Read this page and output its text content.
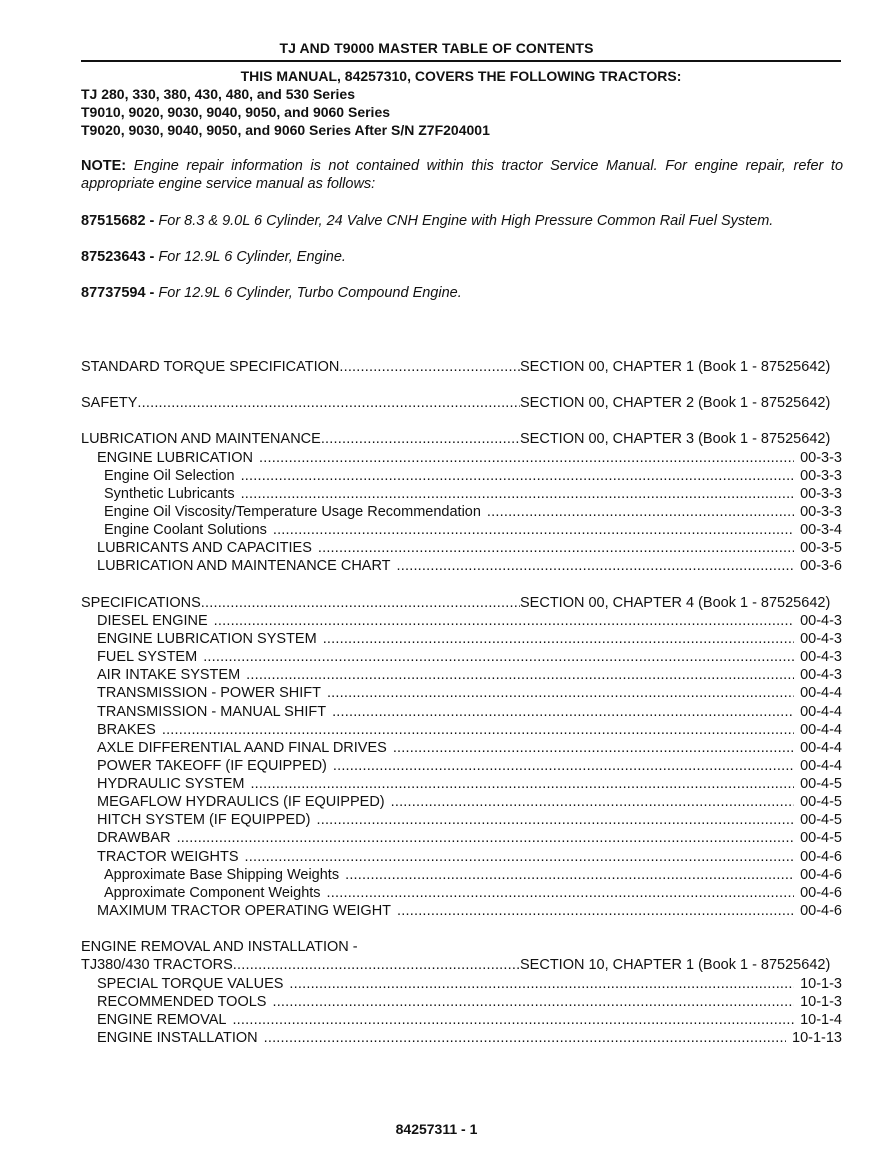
TJ AND T9000 MASTER TABLE OF CONTENTS
THIS MANUAL, 84257310, COVERS THE FOLLOWING TRACTORS:
TJ 280, 330, 380, 430, 480, and 530 Series
T9010, 9020, 9030, 9040, 9050, and 9060 Series
T9020, 9030, 9040, 9050, and 9060 Series After S/N Z7F204001
NOTE: Engine repair information is not contained within this tractor Service Manual. For engine repair, refer to appropriate engine service manual as follows:
87515682 - For 8.3 & 9.0L 6 Cylinder, 24 Valve CNH Engine with High Pressure Common Rail Fuel System.
87523643 - For 12.9L 6 Cylinder, Engine.
87737594 - For 12.9L 6 Cylinder, Turbo Compound Engine.
STANDARD TORQUE SPECIFICATION .....	SECTION 00, CHAPTER 1 (Book 1 - 87525642)
SAFETY .....	SECTION 00, CHAPTER 2 (Book 1 - 87525642)
LUBRICATION AND MAINTENANCE .....	SECTION 00, CHAPTER 3 (Book 1 - 87525642)
ENGINE LUBRICATION .....	00-3-3
Engine Oil Selection .....	00-3-3
Synthetic Lubricants .....	00-3-3
Engine Oil Viscosity/Temperature Usage Recommendation .....	00-3-3
Engine Coolant Solutions .....	00-3-4
LUBRICANTS AND CAPACITIES .....	00-3-5
LUBRICATION AND MAINTENANCE CHART .....	00-3-6
SPECIFICATIONS .....	SECTION 00, CHAPTER 4 (Book 1 - 87525642)
DIESEL ENGINE .....	00-4-3
ENGINE LUBRICATION SYSTEM .....	00-4-3
FUEL SYSTEM .....	00-4-3
AIR INTAKE SYSTEM .....	00-4-3
TRANSMISSION - POWER SHIFT .....	00-4-4
TRANSMISSION - MANUAL SHIFT .....	00-4-4
BRAKES .....	00-4-4
AXLE DIFFERENTIAL AAND FINAL DRIVES .....	00-4-4
POWER TAKEOFF (IF EQUIPPED) .....	00-4-4
HYDRAULIC SYSTEM .....	00-4-5
MEGAFLOW HYDRAULICS (IF EQUIPPED) .....	00-4-5
HITCH SYSTEM (IF EQUIPPED) .....	00-4-5
DRAWBAR .....	00-4-5
TRACTOR WEIGHTS .....	00-4-6
Approximate Base Shipping Weights .....	00-4-6
Approximate Component Weights .....	00-4-6
MAXIMUM TRACTOR OPERATING WEIGHT .....	00-4-6
ENGINE REMOVAL AND INSTALLATION -
TJ380/430 TRACTORS .....	SECTION 10, CHAPTER 1 (Book 1 - 87525642)
SPECIAL TORQUE VALUES .....	10-1-3
RECOMMENDED TOOLS .....	10-1-3
ENGINE REMOVAL .....	10-1-4
ENGINE INSTALLATION .....	10-1-13
84257311 - 1
